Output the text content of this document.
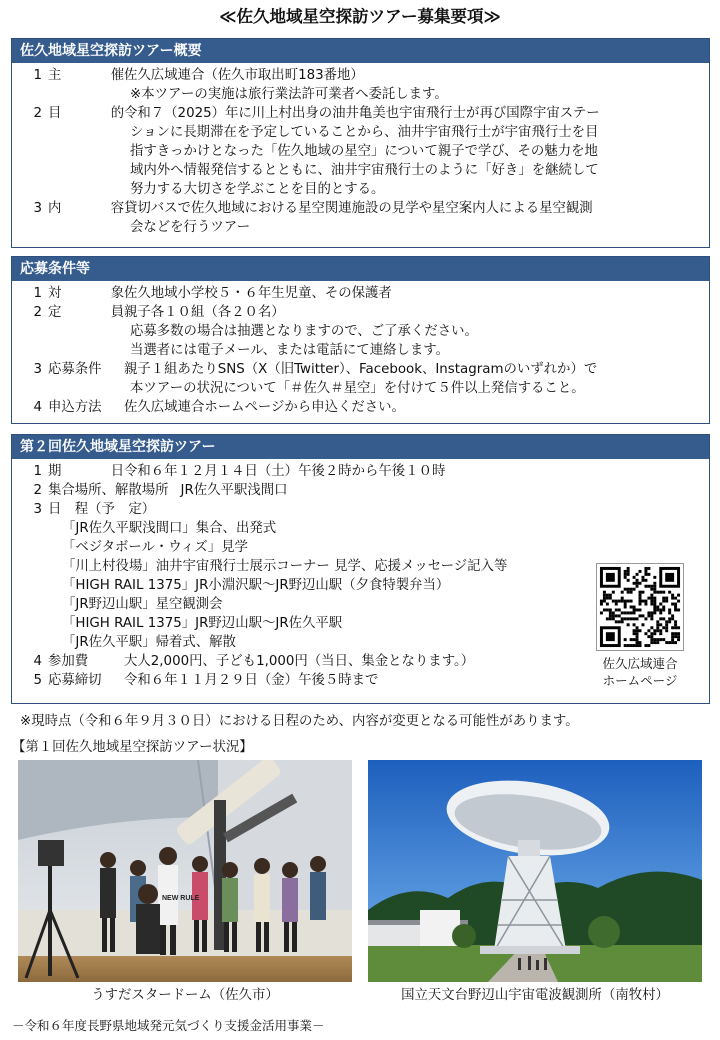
≪佐久地域星空探訪ツアー募集要項≫
佐久地域星空探訪ツアー概要
1 主　催
佐久広域連合（佐久市取出町183番地）
※本ツアーの実施は旅行業法許可業者へ委託します。
2 目　的
令和７（2025）年に川上村出身の油井亀美也宇宙飛行士が再び国際宇宙ステー
ションに長期滞在を予定していることから、油井宇宙飛行士が宇宙飛行士を目
指すきっかけとなった「佐久地域の星空」について親子で学び、その魅力を地
域内外へ情報発信するとともに、油井宇宙飛行士のように「好き」を継続して
努力する大切さを学ぶことを目的とする。
3 内　容
貸切バスで佐久地域における星空関連施設の見学や星空案内人による星空観測
会などを行うツアー
応募条件等
1 対　象
佐久地域小学校５・６年生児童、その保護者
2 定　員
親子各１０組（各２０名）
応募多数の場合は抽選となりますので、ご了承ください。
当選者には電子メール、または電話にて連絡します。
3 応募条件	親子１組あたりSNS（X（旧Twitter）、Facebook、Instagramのいずれか）で
本ツアーの状況について「＃佐久＃星空」を付けて５件以上発信すること。
4 申込方法	佐久広域連合ホームページから申込ください。
第２回佐久地域星空探訪ツアー
1 期　日
令和６年１２月１４日（土）午後２時から午後１０時
2 集合場所、解散場所 JR佐久平駅浅間口
3 日　程（予　定）
「JR佐久平駅浅間口」集合、出発式
「ベジタボール・ウィズ」見学
「川上村役場」油井宇宙飛行士展示コーナー 見学、応援メッセージ記入等
「HIGH RAIL 1375」JR小淵沢駅～JR野辺山駅（夕食特製弁当）
「JR野辺山駅」星空観測会
「HIGH RAIL 1375」JR野辺山駅～JR佐久平駅
「JR佐久平駅」帰着式、解散
4 参加費	大人2,000円、子ども1,000円（当日、集金となります。）
5 応募締切	令和６年１１月２９日（金）午後５時まで
佐久広域連合
ホームページ
※現時点（令和６年９月３０日）における日程のため、内容が変更となる可能性があります。
【第１回佐久地域星空探訪ツアー状況】
NEW RULE
うすだスタードーム（佐久市）	国立天文台野辺山宇宙電波観測所（南牧村）
－令和６年度長野県地域発元気づくり支援金活用事業－
